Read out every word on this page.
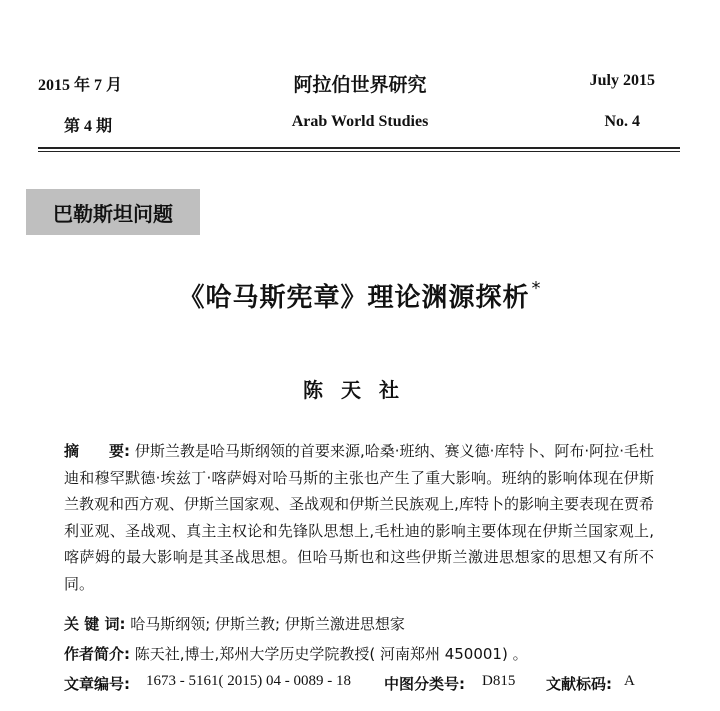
2015 年 7 月	阿拉伯世界研究	July 2015
第 4 期	Arab World Studies	No. 4
巴勒斯坦问题
《哈马斯宪章》理论渊源探析 *
陈天社
摘　　要: 伊斯兰教是哈马斯纲领的首要来源,哈桑·班纳、赛义德·库特卜、阿布·阿拉·毛杜迪和穆罕默德·埃兹丁·喀萨姆对哈马斯的主张也产生了重大影响。班纳的影响体现在伊斯兰教观和西方观、伊斯兰国家观、圣战观和伊斯兰民族观上,库特卜的影响主要表现在贾希利亚观、圣战观、真主主权论和先锋队思想上,毛杜迪的影响主要体现在伊斯兰国家观上,喀萨姆的最大影响是其圣战思想。但哈马斯也和这些伊斯兰激进思想家的思想又有所不同。
关 键 词: 哈马斯纲领; 伊斯兰教; 伊斯兰激进思想家
作者简介: 陈天社,博士,郑州大学历史学院教授( 河南郑州 450001) 。
文章编号: 1673 - 5161( 2015) 04 - 0089 - 18 中图分类号: D815 文献标码: A
